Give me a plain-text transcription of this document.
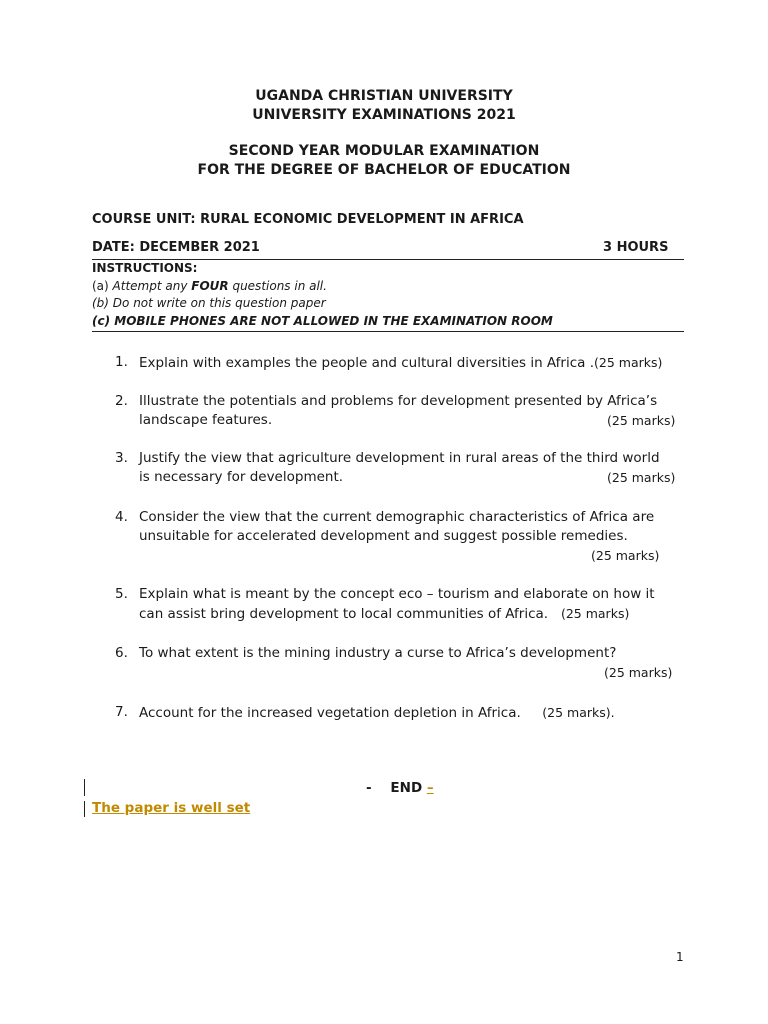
UGANDA CHRISTIAN UNIVERSITY
UNIVERSITY EXAMINATIONS 2021
SECOND YEAR MODULAR EXAMINATION
FOR THE DEGREE OF BACHELOR OF EDUCATION
COURSE UNIT: RURAL ECONOMIC DEVELOPMENT IN AFRICA
DATE: DECEMBER 2021	3 HOURS
INSTRUCTIONS:
(a) Attempt any FOUR questions in all.
(b) Do not write on this question paper
(c) MOBILE PHONES ARE NOT ALLOWED IN THE EXAMINATION ROOM
1. Explain with examples the people and cultural diversities in Africa .(25 marks)
2. Illustrate the potentials and problems for development presented by Africa’s
landscape features.	(25 marks)
3. Justify the view that agriculture development in rural areas of the third world
is necessary for development.	(25 marks)
4. Consider the view that the current demographic characteristics of Africa are
unsuitable for accelerated development and suggest possible remedies.
(25 marks)
5. Explain what is meant by the concept eco – tourism and elaborate on how it
can assist bring development to local communities of Africa. (25 marks)
6. To what extent is the mining industry a curse to Africa’s development?
(25 marks)
7. Account for the increased vegetation depletion in Africa. (25 marks).
- END –
The paper is well set
1
